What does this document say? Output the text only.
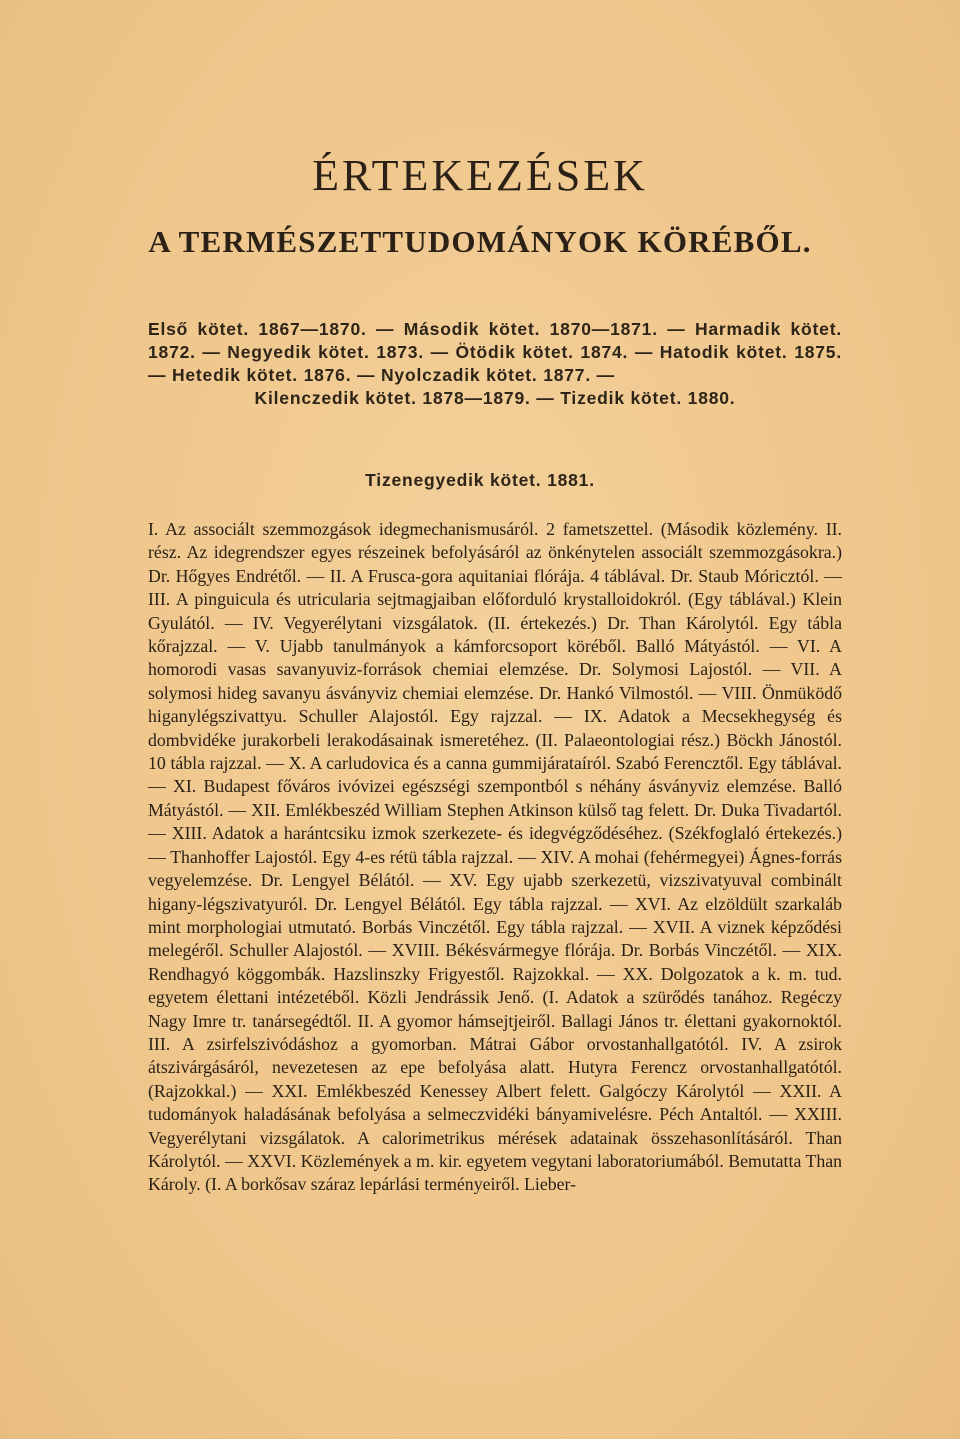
ÉRTEKEZÉSEK
A TERMÉSZETTUDOMÁNYOK KÖRÉBŐL.

Első kötet. 1867—1870. — Második kötet. 1870—1871. — Harmadik kötet. 1872. — Negyedik kötet. 1873. — Ötödik kötet. 1874. — Hatodik kötet. 1875. — Hetedik kötet. 1876. — Nyolczadik kötet. 1877. —
Kilenczedik kötet. 1878—1879. — Tizedik kötet. 1880.

Tizenegyedik kötet. 1881.

I. Az associált szemmozgások idegmechanismusáról. 2 fametszettel. (Második közlemény. II. rész. Az idegrendszer egyes részeinek befolyásáról az önkénytelen associált szemmozgásokra.) Dr. Hőgyes Endrétől. — II. A Frusca-gora aquitaniai flórája. 4 táblával. Dr. Staub Móricztól. — III. A pinguicula és utricularia sejtmagjaiban előforduló krystalloidokról. (Egy táblával.) Klein Gyulától. — IV. Vegyerélytani vizsgálatok. (II. értekezés.) Dr. Than Károlytól. Egy tábla kőrajzzal. — V. Ujabb tanulmányok a kámforcsoport köréből. Balló Mátyástól. — VI. A homorodi vasas savanyuviz-források chemiai elemzése. Dr. Solymosi Lajostól. — VII. A solymosi hideg savanyu ásványviz chemiai elemzése. Dr. Hankó Vilmostól. — VIII. Önmüködő higanylégszivattyu. Schuller Alajostól. Egy rajzzal. — IX. Adatok a Mecsekhegység és dombvidéke jurakorbeli lerakodásainak ismeretéhez. (II. Palaeontologiai rész.) Böckh Jánostól. 10 tábla rajzzal. — X. A carludovica és a canna gummijárataíról. Szabó Ferencztől. Egy táblával. — XI. Budapest főváros ivóvizei egészségi szempontból s néhány ásványviz elemzése. Balló Mátyástól. — XII. Emlékbeszéd William Stephen Atkinson külső tag felett. Dr. Duka Tivadartól. — XIII. Adatok a harántcsiku izmok szerkezete- és idegvégződéséhez. (Székfoglaló értekezés.) — Thanhoffer Lajostól. Egy 4-es rétü tábla rajzzal. — XIV. A mohai (fehérmegyei) Ágnes-forrás vegyelemzése. Dr. Lengyel Bélától. — XV. Egy ujabb szerkezetü, vizszivatyuval combinált higany-légszivatyuról. Dr. Lengyel Bélától. Egy tábla rajzzal. — XVI. Az elzöldült szarkaláb mint morphologiai utmutató. Borbás Vinczétől. Egy tábla rajzzal. — XVII. A viznek képződési melegéről. Schuller Alajostól. — XVIII. Békésvármegye flórája. Dr. Borbás Vinczétől. — XIX. Rendhagyó köggombák. Hazslinszky Frigyestől. Rajzokkal. — XX. Dolgozatok a k. m. tud. egyetem élettani intézetéből. Közli Jendrássik Jenő. (I. Adatok a szürődés tanához. Regéczy Nagy Imre tr. tanársegédtől. II. A gyomor hámsejtjeiről. Ballagi János tr. élettani gyakornoktól. III. A zsirfelszivódáshoz a gyomorban. Mátrai Gábor orvostanhallgatótól. IV. A zsirok átszivárgásáról, nevezetesen az epe befolyása alatt. Hutyra Ferencz orvostanhallgatótól. (Rajzokkal.) — XXI. Emlékbeszéd Kenessey Albert felett. Galgóczy Károlytól — XXII. A tudományok haladásának befolyása a selmeczvidéki bányamivelésre. Péch Antaltól. — XXIII. Vegyerélytani vizsgálatok. A calorimetrikus mérések adatainak összehasonlításáról. Than Károlytól. — XXVI. Közlemények a m. kir. egyetem vegytani laboratoriumából. Bemutatta Than Károly. (I. A borkősav száraz lepárlási terményeiről. Lieber-
